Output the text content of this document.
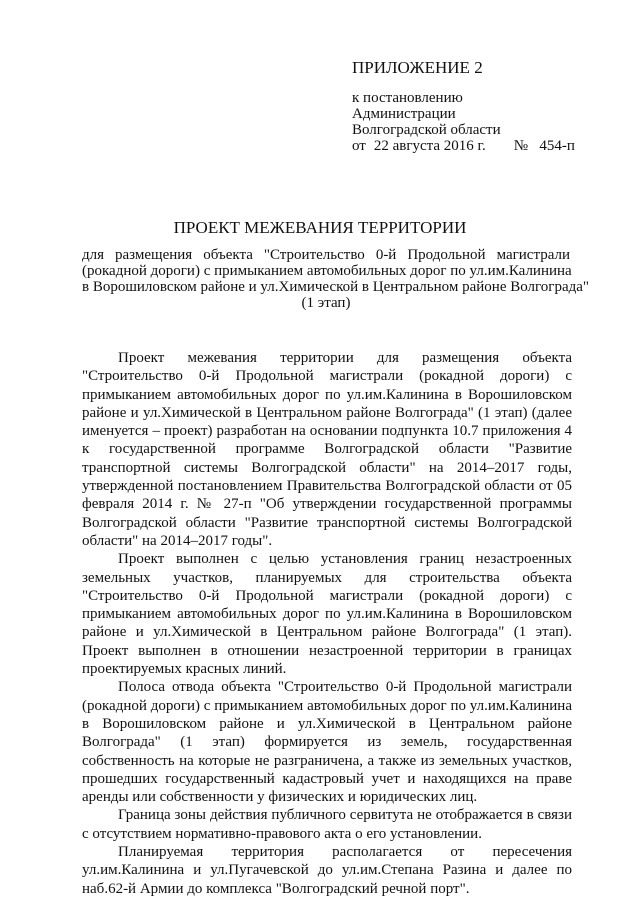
ПРИЛОЖЕНИЕ 2
к постановлению
Администрации
Волгоградской области
от 22 августа 2016 г. № 454-п
ПРОЕКТ МЕЖЕВАНИЯ ТЕРРИТОРИИ
для размещения объекта "Строительство 0-й Продольной магистрали
(рокадной дороги) с примыканием автомобильных дорог по ул.им.Калинина
в Ворошиловском районе и ул.Химической в Центральном районе Волгограда"
(1 этап)

Проект межевания территории для размещения объекта "Строительство 0-й Продольной магистрали (рокадной дороги) с примыканием автомобильных дорог по ул.им.Калинина в Ворошиловском районе и ул.Химической в Центральном районе Волгограда" (1 этап) (далее именуется – проект) разработан на основании подпункта 10.7 приложения 4 к государственной программе Волгоградской области "Развитие транспортной системы Волгоградской области" на 2014–2017 годы, утвержденной постановлением Правительства Волгоградской области от 05 февраля 2014 г. № 27-п "Об утверждении государственной программы Волгоградской области "Развитие транспортной системы Волгоградской области" на 2014–2017 годы".

Проект выполнен с целью установления границ незастроенных земельных участков, планируемых для строительства объекта "Строительство 0-й Продольной магистрали (рокадной дороги) с примыканием автомобильных дорог по ул.им.Калинина в Ворошиловском районе и ул.Химической в Центральном районе Волгограда" (1 этап). Проект выполнен в отношении незастроенной территории в границах проектируемых красных линий.

Полоса отвода объекта "Строительство 0-й Продольной магистрали (рокадной дороги) с примыканием автомобильных дорог по ул.им.Калинина в Ворошиловском районе и ул.Химической в Центральном районе Волгограда" (1 этап) формируется из земель, государственная собственность на которые не разграничена, а также из земельных участков, прошедших государственный кадастровый учет и находящихся на праве аренды или собственности у физических и юридических лиц.

Граница зоны действия публичного сервитута не отображается в связи с отсутствием нормативно-правового акта о его установлении.

Планируемая территория располагается от пересечения ул.им.Калинина и ул.Пугачевской до ул.им.Степана Разина и далее по наб.62-й Армии до комплекса "Волгоградский речной порт".
